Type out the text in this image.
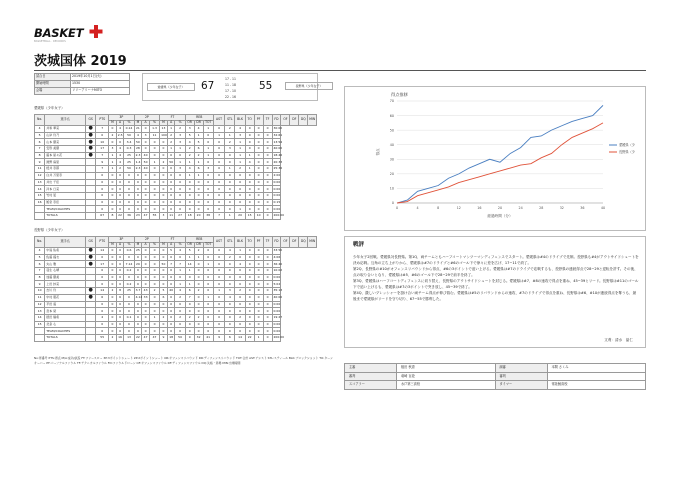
BASKET
BASKETBALL · RECORDS
茨城国体 2019
試合日	2019年10月1日(火)
開始時間	1530
会場	リリーアリーナMITO
愛媛県（少年女子）	67
17 - 11
11 - 18
17 - 10
22 - 16
55	長野県（少年女子）
愛媛県（少年女子）
No.	選手名	GS	PTS	3P			2P			FT			REB			AST	STL	BLK	TO	PF	TF	FD	OF	DF	DQ	MIN
				M	A	%	M	A	%	M	A	%	OR	DR	TOT											
4	井和 華菜	●	7	0	4	0.14	21	0	1.3	13	1	2	3	4	1	0	2	4	0	0	0	30:00				
5	山岸 玲乃	●	0	2	2.5	50	4	3	11	100	2	3	5	1	0	1	1	3	0	0	0	32:61				
6	山本 優菜	●	10	0	0	3.4	50	0	0	0	2	3	4	5	0	0	2	1	0	0	0	13:54				
7	安形 美優	●	17	3	4	0.3	28	0	0	0	1	1	2	6	1	0	3	1	0	0	0	40:00				
8	藤本 星々花	●	7	1	4	25	2.3	40	0	0	0	0	2	2	1	0	0	1	1	0	0	18:46				
9	湯野 麻里		9	1	4	25	1.4	50	1	2	50	1	1	1	0	0	0	1	4	0	0	20:33				
11	桜井 奈都		7	1	2	50	2.3	40	0	0	0	3	4	6	3	0	1	2	1	0	0	25:36				
12	白井 万里奈		0	0	0	0	0	0	0	0	0	0	1	1	0	0	0	0	0	0	0	2:00				
13	井出 千佳		0	0	0	0	0	0	0	0	0	0	0	0	0	0	0	0	0	0	0	0:00				
14	河本 日菜		0	0	0	0	0	0	0	0	0	0	0	0	0	0	0	0	0	0	0	0:00				
15	竹村 凪		0	0	0	0	0	0	0	0	0	0	0	0	0	0	0	0	0	0	0	0:00				
16	飯泉 奈佳		0	0	0	0	0	0	0	0	0	0	0	0	0	0	0	0	0	0	0	0:15				
	TEAM/COACHES		0	0	0	0	0	0	0	0	0	0	0	0	0	0	0	1	0	0	0	0:00				
	TOTALS		67	8	22	36	23	47	55	3	11	27	18	20	38	7	1	20	15	10	0	200:00				
長野県（少年女子）
No.	選手名	GS	PTS	3P			2P			FT			REB			AST	STL	BLK	TO	PF	TF	FD	OF	DF	DQ	MIN
				M	A	%	M	A	%	M	A	%	OR	DR	TOT											
4	中島 佑希	●	14	0	0	0.6	25	0	0	0	5	4	5	2	0	0	4	1	0	0	0	33:50				
5	佐藤 瑠衣	●	0	0	0	0	0	0	0	0	0	0	1	1	0	0	2	0	0	0	0	4:06				
6	丸山 雅	●	17	0	0	7.14	29	0	0	50	7	7	14	0	1	0	0	4	0	0	0	36:40				
7	羽生 心晴		0	0	0	0.2	0	0	0	0	0	1	1	0	0	0	0	0	0	0	0	10:02				
8	加藤 優美		0	0	0	0	0	0	0	0	0	0	0	0	0	0	0	0	0	0	0	0:00				
9	上田 紗菜		0	0	0	0.2	0	0	0	0	0	1	1	0	0	0	0	0	0	0	0	5:02				
10	吉川 玲	●	14	2	8	25	3.7	43	2	5	40	4	6	2	0	1	3	2	0	0	0	35:13				
11	中村 朋花	●	6	0	6	0	4.12	33	0	6	0	2	7	0	1	0	4	0	0	0	0	40:00				
12	平田 遥		0	0	0	0	0	0	0	0	0	0	0	0	0	0	0	0	0	0	0	0:00				
13	宮本 栞		0	0	0	0	0	0	0	0	0	0	0	0	0	0	0	0	0	0	0	0:00				
14	徳田 瑞希		4	0	0	0.1	0	0	1	2	0	2	2	2	0	0	0	2	0	0	0	19:27				
15	北条 心		0	0	0	0	0	0	0	0	0	0	0	0	0	0	0	0	0	0	0	0:00				
	TEAM/COACHES		0	0	0	0	0	0	0	0	0	0	0	0	0	0	0	0	0	0	0	0:00				
	TOTALS		55	2	16	13	22	47	47	9	18	50	9	32	41	9	6	14	22	1	0	200:00				
得点推移
0
10
20
30
40
50
60
70
0	4	8	12	16	20	24	28	32	36	40
経過時間（分）
得点
愛媛県（少
長野県（少
戦評
少年女子2回戦。愛媛県対長野県。第1Q、両チームともハーフコートマンツーマンディフェンスでスタート。愛媛県は#4のドライブで先制。長野県も#4がアウトサイドシュートを決め応戦。互角の立ち上がりから、愛媛県は#7のドライブと#6のゴール下で徐々に差を広げ、17−11で終了。
第2Q、長野県の#10がオフェンスリバウンドから得点、#6の3ポイントで追い上げる。愛媛県は#7のドライブで応戦するも、長野県の連続得点で28−29と逆転を許す。その後、点の取り合いとなり、愛媛県は#5、#6のゴール下で28−29で前半を終了。
第3Q、愛媛県はハーフコートディフェンスに切り替え、長野県のアウトサイドシュートを封じる。愛媛県は#7、#8の速攻で得点を重ね、45−39とリード。長野県は#11のゴール下で追い上げるも、愛媛県は#7の3ポイントで突き放し、45−39で終了。
第4Q、激しいプレッシャーを掛け合い両チーム得点が伸び悩む。愛媛県は#5のリバウンドからの速攻、#7のドライブで得点を重ね、長野県は#6、#10が連続得点を奪うも、最後まで愛媛県がリードを守り切り、67−55で勝利した。
文責：清水　晶仁
No:背番号 PTS:得点 M/A:成功/試投 FT:フリースロー 3P:3ポイントシュート 2P:2ポイントシュート OR:オフェンスリバウンド DR:ディフェンスリバウンド TOT:合計 AST:アシスト STL:スティール BLK:ブロックショット TO:ターンオーバー PF:パーソナルファウル TF:テクニカルファウル FD:ファウルドローン OF:オフェンスファウル DF:ディフェンスファウル DQ:失格・退場 MIN:出場時間
主審	植田 秋恵	副審	本間 さくみ
審判	竜崎 百絵	審判	
スコアラー	水戸第三高校	タイマー	常陸鯨高校
